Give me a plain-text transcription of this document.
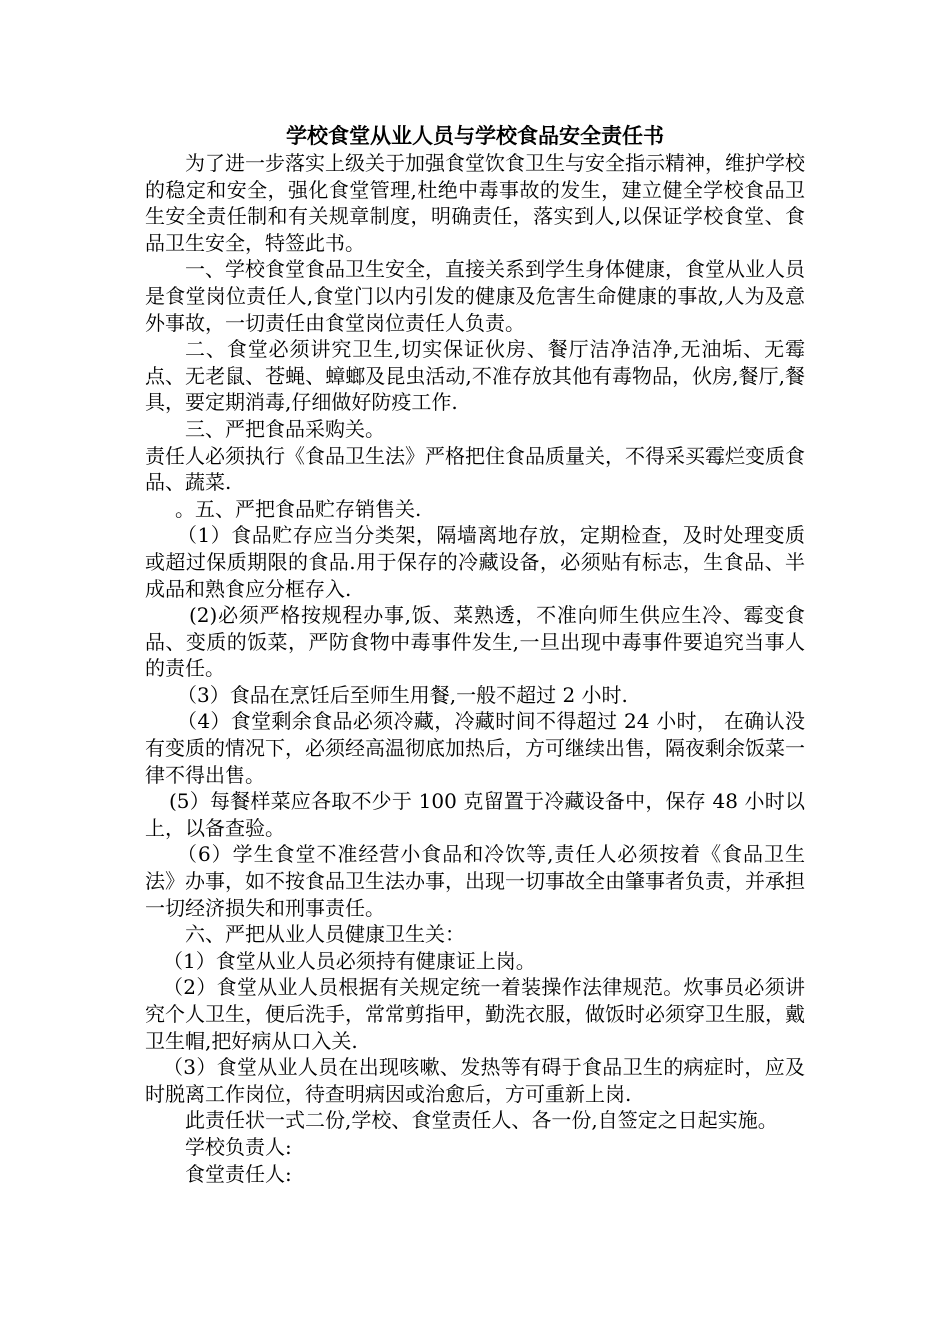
学校食堂从业人员与学校食品安全责任书

为了进一步落实上级关于加强食堂饮食卫生与安全指示精神，维护学校的稳定和安全，强化食堂管理,杜绝中毒事故的发生，建立健全学校食品卫生安全责任制和有关规章制度，明确责任，落实到人,以保证学校食堂、食品卫生安全，特签此书。

一、学校食堂食品卫生安全，直接关系到学生身体健康，食堂从业人员是食堂岗位责任人,食堂门以内引发的健康及危害生命健康的事故,人为及意外事故，一切责任由食堂岗位责任人负责。

二、食堂必须讲究卫生,切实保证伙房、餐厅洁净洁净,无油垢、无霉点、无老鼠、苍蝇、蟑螂及昆虫活动,不准存放其他有毒物品，伙房,餐厅,餐具，要定期消毒,仔细做好防疫工作.

三、严把食品采购关。

责任人必须执行《食品卫生法》严格把住食品质量关，不得采买霉烂变质食品、蔬菜.

。五、严把食品贮存销售关.

（1）食品贮存应当分类架，隔墙离地存放，定期检查，及时处理变质或超过保质期限的食品.用于保存的冷藏设备，必须贴有标志，生食品、半成品和熟食应分框存入.

(2)必须严格按规程办事,饭、菜熟透，不准向师生供应生冷、霉变食品、变质的饭菜，严防食物中毒事件发生,一旦出现中毒事件要追究当事人的责任。

（3）食品在烹饪后至师生用餐,一般不超过 2 小时.

（4）食堂剩余食品必须冷藏，冷藏时间不得超过 24 小时， 在确认没有变质的情况下，必须经高温彻底加热后，方可继续出售，隔夜剩余饭菜一律不得出售。

(5）每餐样菜应各取不少于 100 克留置于冷藏设备中，保存 48 小时以上，以备查验。

（6）学生食堂不准经营小食品和冷饮等,责任人必须按着《食品卫生法》办事，如不按食品卫生法办事，出现一切事故全由肇事者负责，并承担一切经济损失和刑事责任。

六、严把从业人员健康卫生关：

（1）食堂从业人员必须持有健康证上岗。

（2）食堂从业人员根据有关规定统一着装操作法律规范。炊事员必须讲究个人卫生，便后洗手，常常剪指甲，勤洗衣服，做饭时必须穿卫生服，戴卫生帽,把好病从口入关.

（3）食堂从业人员在出现咳嗽、发热等有碍于食品卫生的病症时，应及时脱离工作岗位，待查明病因或治愈后，方可重新上岗.

此责任状一式二份,学校、食堂责任人、各一份,自签定之日起实施。

学校负责人:

食堂责任人:
